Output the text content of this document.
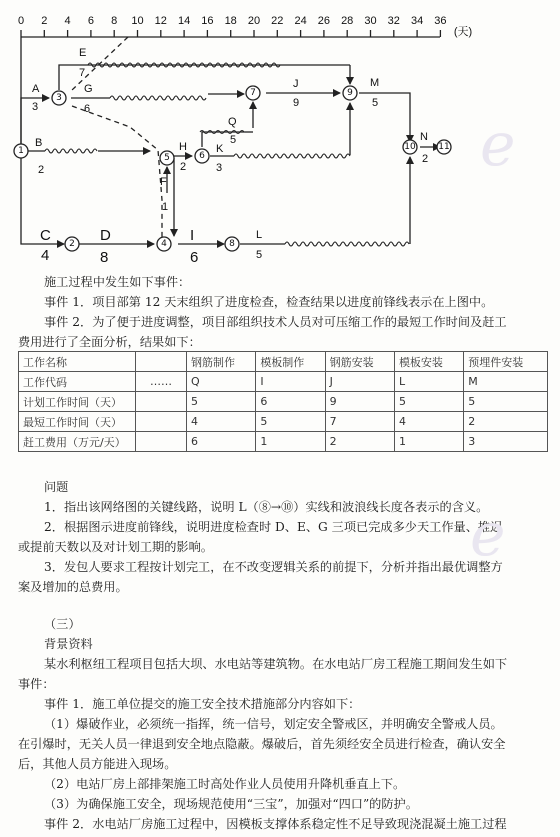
0 2 4 6 8 10 12 14 16 18 20 22 24 26 28 30 32 34 36
(天)
1
2
3
4
5	6
7
8
9
10	11
A
3
B
2
C
4
D
8
E
7
G
6
F
1
H
2
I
6
J
9
K
3
Q
5
L
5
M
5
N
2
施工过程中发生如下事件：
事件 1．项目部第 12 天末组织了进度检查，检查结果以进度前锋线表示在上图中。
事件 2．为了便于进度调整，项目部组织技术人员对可压缩工作的最短工作时间及赶工
费用进行了全面分析，结果如下：
工作名称		钢筋制作	模板制作	钢筋安装	模板安装	预埋件安装
工作代码	……	Q	I	J	L	M
计划工作时间（天）		5	6	9	5	5
最短工作时间（天）		4	5	7	4	2
赶工费用（万元/天）		6	1	2	1	3
问题
1．指出该网络图的关键线路，说明 L（⑧→⑩）实线和波浪线长度各表示的含义。
2．根据图示进度前锋线，说明进度检查时 D、E、G 三项已完成多少天工作量、推迟
或提前天数以及对计划工期的影响。
3．发包人要求工程按计划完工，在不改变逻辑关系的前提下，分析并指出最优调整方
案及增加的总费用。
（三）
背景资料
某水利枢纽工程项目包括大坝、水电站等建筑物。在水电站厂房工程施工期间发生如下
事件：
事件 1．施工单位提交的施工安全技术措施部分内容如下：
（1）爆破作业，必须统一指挥，统一信号，划定安全警戒区，并明确安全警戒人员。
在引爆时，无关人员一律退到安全地点隐蔽。爆破后，首先须经安全员进行检查，确认安全
后，其他人员方能进入现场。
（2）电站厂房上部排架施工时高处作业人员使用升降机垂直上下。
（3）为确保施工安全，现场规范使用“三宝”，加强对“四口”的防护。
事件 2．水电站厂房施工过程中，因模板支撑体系稳定性不足导致现浇混凝土施工过程
e
e
